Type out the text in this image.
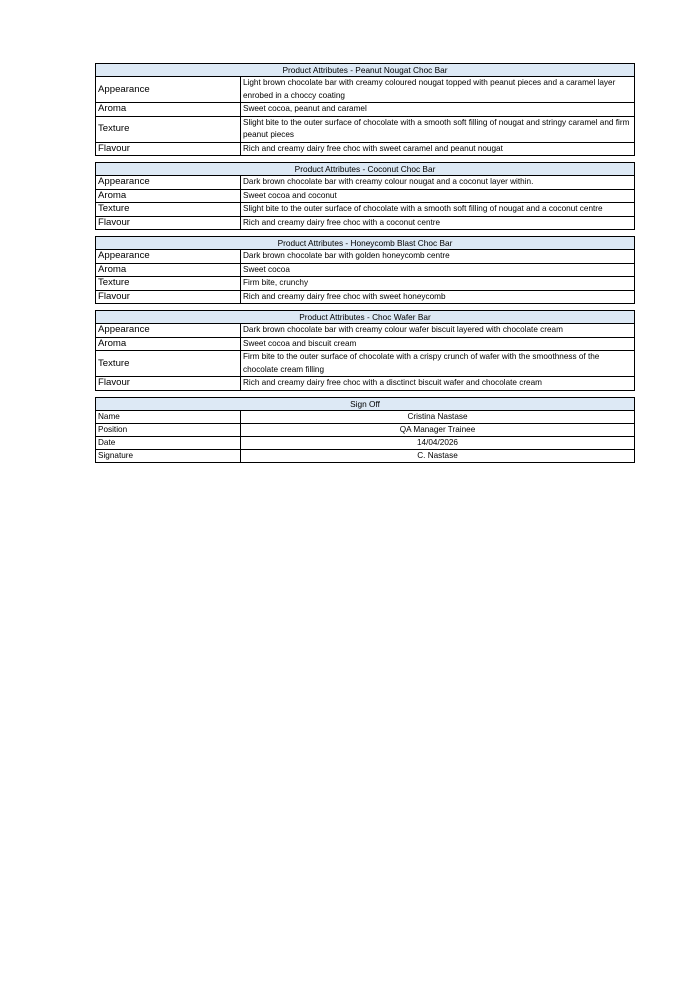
Product Attributes - Peanut Nougat Choc Bar	
Appearance	Light brown chocolate bar with creamy coloured nougat topped with peanut pieces and a caramel layer enrobed in a choccy coating
Aroma	Sweet cocoa, peanut and caramel
Texture	Slight bite to the outer surface of chocolate with a smooth soft filling of nougat and stringy caramel and firm peanut pieces
Flavour	Rich and creamy dairy free choc with sweet caramel and peanut nougat
Product Attributes - Coconut Choc Bar	
Appearance	Dark brown chocolate bar with creamy colour nougat and a coconut layer within.
Aroma	Sweet cocoa and coconut
Texture	Slight bite to the outer surface of chocolate with a smooth soft filling of nougat and a coconut centre
Flavour	Rich and creamy dairy free choc with a coconut centre
Product Attributes - Honeycomb Blast Choc Bar	
Appearance	Dark brown chocolate bar with golden honeycomb centre
Aroma	Sweet cocoa
Texture	Firm bite, crunchy
Flavour	Rich and creamy dairy free choc with sweet honeycomb
Product Attributes - Choc Wafer Bar	
Appearance	Dark brown chocolate bar with creamy colour wafer biscuit layered with chocolate cream
Aroma	Sweet cocoa and biscuit cream
Texture	Firm bite to the outer surface of chocolate with a crispy crunch of wafer with the smoothness of the chocolate cream filling
Flavour	Rich and creamy dairy free choc with a disctinct biscuit wafer and chocolate cream
Sign Off	
Name	Cristina Nastase
Position	QA Manager Trainee
Date	14/04/2026
Signature	C. Nastase
